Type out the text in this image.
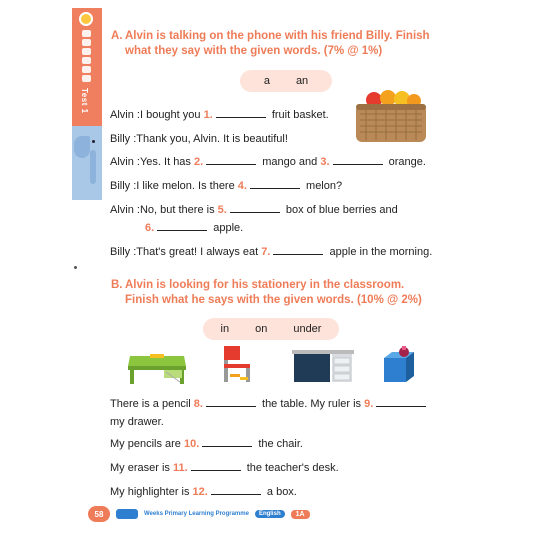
Test 1
A. Alvin is talking on the phone with his friend Billy. Finish
what they say with the given words. (7% @ 1%)
a an
Alvin :I bought you 1.	fruit basket.
Billy :Thank you, Alvin. It is beautiful!
Alvin :Yes. It has 2.	mango and 3.	orange.
Billy :I like melon. Is there 4.	melon?
Alvin :No, but there is 5.	box of blue berries and
6.	apple.
Billy :That's great! I always eat 7.	apple in the morning.
B. Alvin is looking for his stationery in the classroom.
Finish what he says with the given words. (10% @ 2%)
in on under
There is a pencil 8.	the table. My ruler is 9.
my drawer.
My pencils are 10.	the chair.
My eraser is 11.	the teacher's desk.
My highlighter is 12.	a box.
58	Weeks Primary Learning Programme	English	1A
